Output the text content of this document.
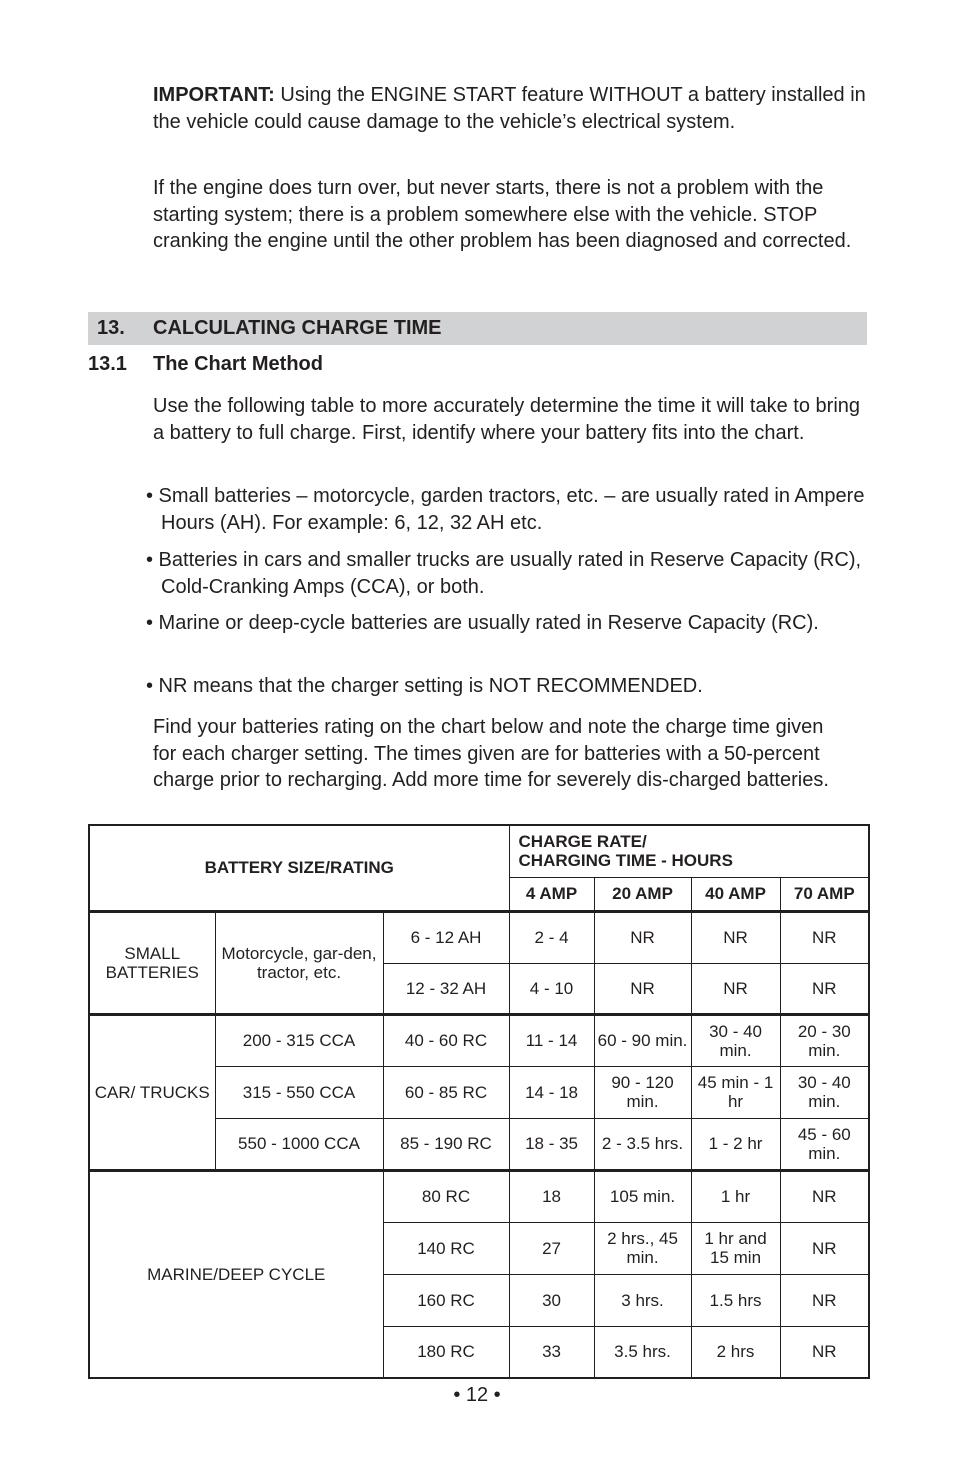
IMPORTANT: Using the ENGINE START feature WITHOUT a battery installed in the vehicle could cause damage to the vehicle’s electrical system.

If the engine does turn over, but never starts, there is not a problem with the starting system; there is a problem somewhere else with the vehicle. STOP cranking the engine until the other problem has been diagnosed and corrected.

13. CALCULATING CHARGE TIME
13.1 The Chart Method

Use the following table to more accurately determine the time it will take to bring a battery to full charge. First, identify where your battery fits into the chart.

• Small batteries – motorcycle, garden tractors, etc. – are usually rated in Ampere Hours (AH). For example: 6, 12, 32 AH etc.

• Batteries in cars and smaller trucks are usually rated in Reserve Capacity (RC), Cold-Cranking Amps (CCA), or both.

• Marine or deep-cycle batteries are usually rated in Reserve Capacity (RC).

• NR means that the charger setting is NOT RECOMMENDED.

Find your batteries rating on the chart below and note the charge time given for each charger setting. The times given are for batteries with a 50-percent charge prior to recharging. Add more time for severely dis-charged batteries.

BATTERY SIZE/RATING			CHARGE RATE/
CHARGING TIME - HOURS			
			4 AMP	20 AMP	40 AMP	70 AMP
SMALL BATTERIES	Motorcycle, gar-den, tractor, etc.	6 - 12 AH	2 - 4	NR	NR	NR
		12 - 32 AH	4 - 10	NR	NR	NR
CAR/ TRUCKS	200 - 315 CCA	40 - 60 RC	11 - 14	60 - 90 min.	30 - 40 min.	20 - 30 min.
	315 - 550 CCA	60 - 85 RC	14 - 18	90 - 120 min.	45 min - 1 hr	30 - 40 min.
	550 - 1000 CCA	85 - 190 RC	18 - 35	2 - 3.5 hrs.	1 - 2 hr	45 - 60 min.
MARINE/DEEP CYCLE		80 RC	18	105 min.	1 hr	NR
		140 RC	27	2 hrs., 45 min.	1 hr and 15 min	NR
		160 RC	30	3 hrs.	1.5 hrs	NR
		180 RC	33	3.5 hrs.	2 hrs	NR
• 12 •
